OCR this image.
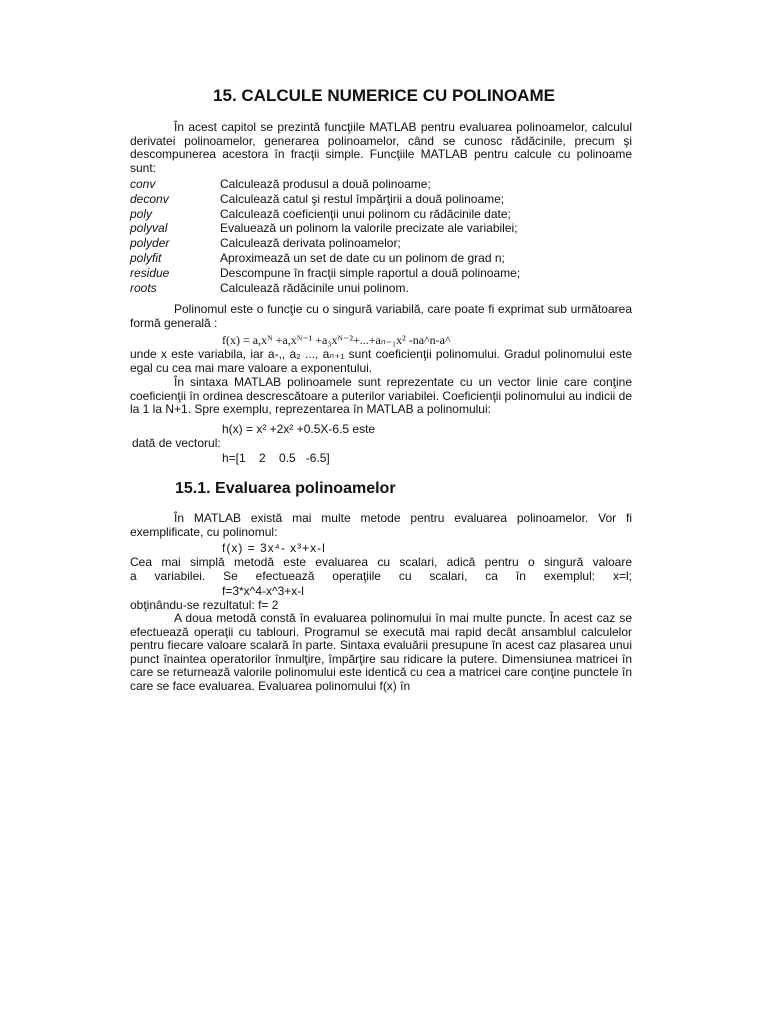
15. CALCULE NUMERICE CU POLINOAME

În acest capitol se prezintă funcţiile MATLAB pentru evaluarea polinoamelor, calculul derivatei polinoamelor, generarea polinoamelor, când se cunosc rădăcinile, precum şi descompunerea acestora în fracţii simple. Funcţiile MATLAB pentru calcule cu polinoame sunt:

conv	Calculează produsul a două polinoame;
deconv	Calculează catul şi restul împărţirii a două polinoame;
poly	Calculează coeficienţii unui polinom cu rădăcinile date;
polyval	Evaluează un polinom la valorile precizate ale variabilei;
polyder	Calculează derivata polinoamelor;
polyfit	Aproximează un set de date cu un polinom de grad n;
residue	Descompune în fracţii simple raportul a două polinoame;
roots	Calculează rădăcinile unui polinom.

Polinomul este o funcţie cu o singură variabilă, care poate fi exprimat sub următoarea formă generală :

f(x) = a,xᴺ +a,xᴺ⁻¹ +a₃xᴺ⁻²+...+aₙ₋₁x² -na^n-a^

unde x este variabila, iar a-,, a₂ ..., aₙ₊₁ sunt coeficienţii polinomului. Gradul polinomului este egal cu cea mai mare valoare a exponentului.

În sintaxa MATLAB polinoamele sunt reprezentate cu un vector linie care conţine coeficienţii în ordinea descrescătoare a puterilor variabilei. Coeficienţii polinomului au indicii de la 1 la N+1. Spre exemplu, reprezentarea în MATLAB a polinomului:

h(x) = x² +2x² +0.5X-6.5 este
dată de vectorul:
h=[1    2    0.5   -6.5]
15.1. Evaluarea polinoamelor

În MATLAB există mai multe metode pentru evaluarea polinoamelor. Vor fi exemplificate, cu polinomul:

f(x) = 3x⁴- x³+x-l
Cea mai simplă metodă este evaluarea cu scalari, adică pentru o singură valoare
a variabilei. Se efectuează operaţiile cu scalari, ca în exemplul: x=l;
f=3*x^4-x^3+x-l
obţinându-se rezultatul: f= 2

A doua metodă constă în evaluarea polinomului în mai multe puncte. În acest caz se efectuează operaţii cu tablouri. Programul se execută mai rapid decât ansamblul calculelor pentru fiecare valoare scalară în parte. Sintaxa evaluării presupune în acest caz plasarea unui punct înaintea operatorilor înmulţire, împărţire sau ridicare la putere. Dimensiunea matricei în care se returnează valorile polinomului este identică cu cea a matricei care conţine punctele în care se face evaluarea. Evaluarea polinomului f(x) în
